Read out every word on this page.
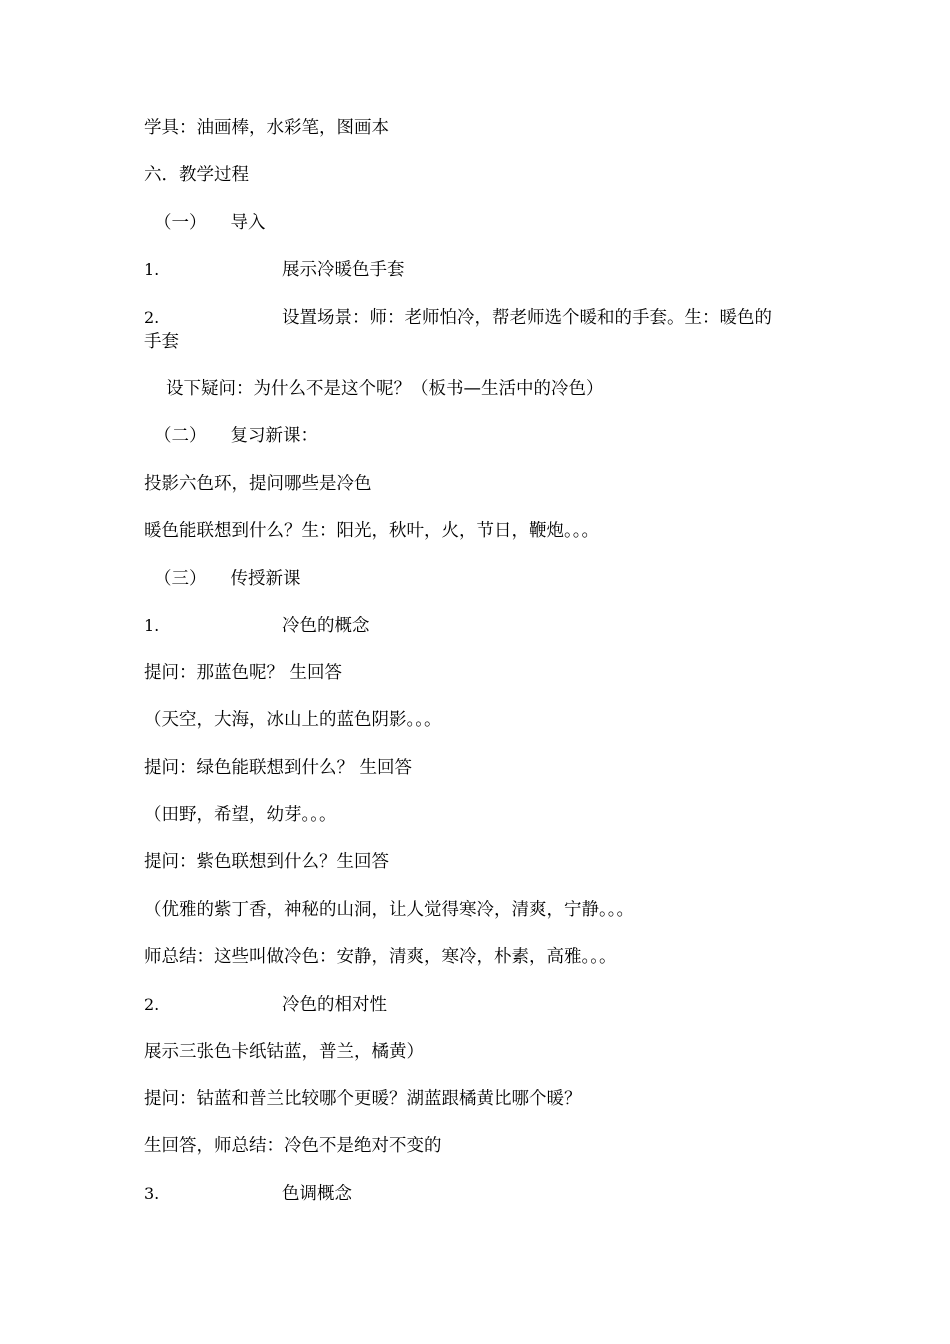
学具：油画棒，水彩笔，图画本
六．教学过程
（一） 导入
1.	展示冷暖色手套
2.	设置场景：师：老师怕冷，帮老师选个暖和的手套。生：暖色的
手套
设下疑问：为什么不是这个呢？（板书—生活中的冷色）
（二） 复习新课：
投影六色环，提问哪些是冷色
暖色能联想到什么？生：阳光，秋叶，火，节日，鞭炮。。。
（三） 传授新课
1.	冷色的概念
提问：那蓝色呢？ 生回答
（天空，大海，冰山上的蓝色阴影。。。
提问：绿色能联想到什么？ 生回答
（田野，希望，幼芽。。。
提问：紫色联想到什么？生回答
（优雅的紫丁香，神秘的山洞，让人觉得寒冷，清爽，宁静。。。
师总结：这些叫做冷色：安静，清爽，寒冷，朴素，高雅。。。
2.	冷色的相对性
展示三张色卡纸钴蓝，普兰，橘黄）
提问：钴蓝和普兰比较哪个更暖？湖蓝跟橘黄比哪个暖？
生回答，师总结：冷色不是绝对不变的
3.	色调概念
